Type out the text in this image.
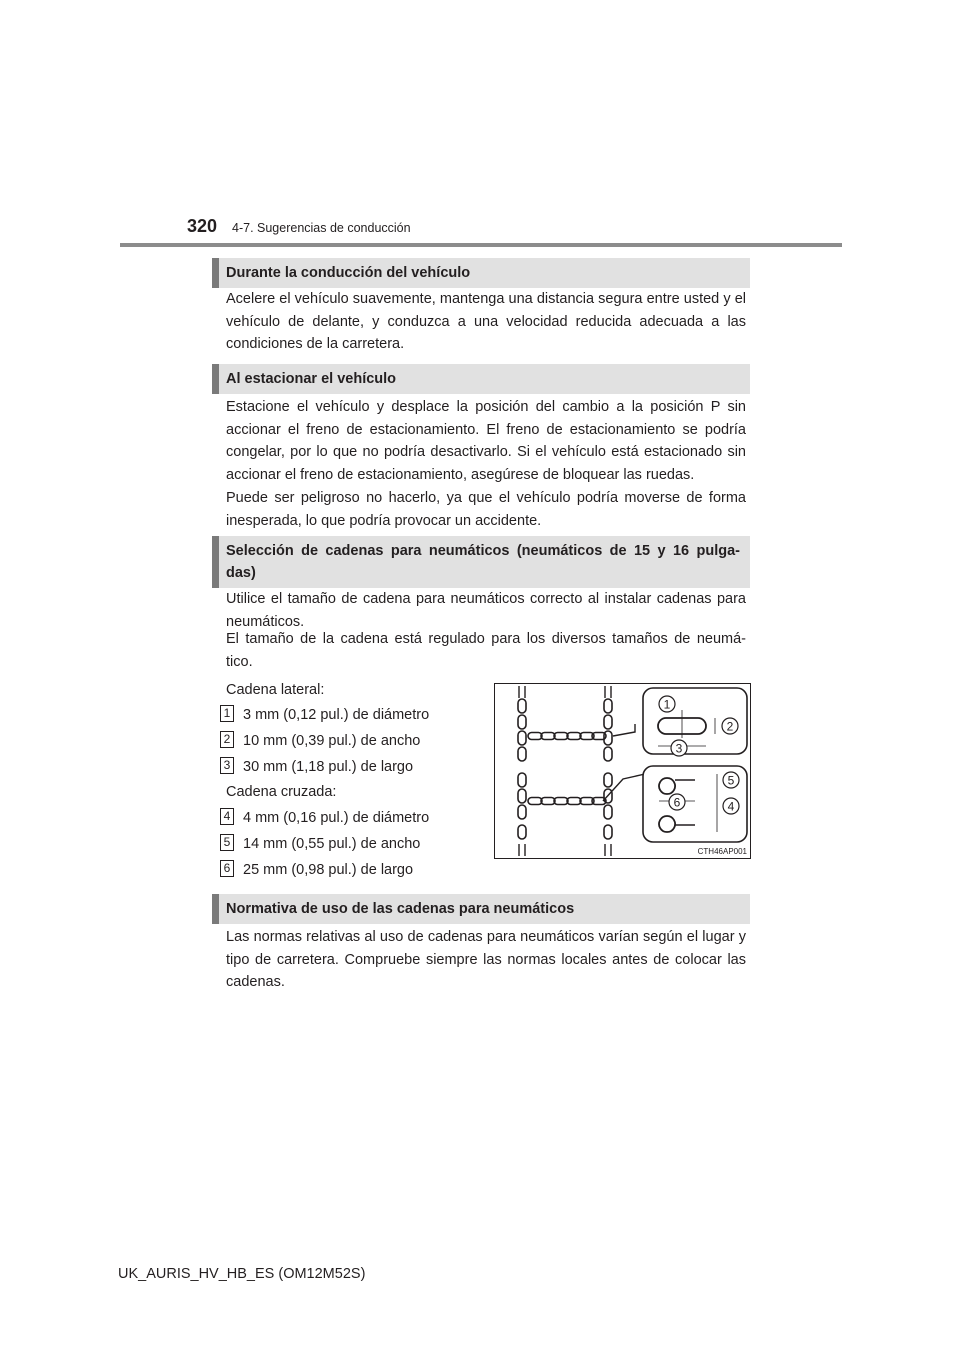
320 4-7. Sugerencias de conducción
Durante la conducción del vehículo
Acelere el vehículo suavemente, mantenga una distancia segura entre usted y el vehículo de delante, y conduzca a una velocidad reducida adecuada a las condiciones de la carretera.
Al estacionar el vehículo
Estacione el vehículo y desplace la posición del cambio a la posición P sin accionar el freno de estacionamiento. El freno de estacionamiento se podría congelar, por lo que no podría desactivarlo. Si el vehículo está estacionado sin accionar el freno de estacionamiento, asegúrese de bloquear las ruedas.
Puede ser peligroso no hacerlo, ya que el vehículo podría moverse de forma inesperada, lo que podría provocar un accidente.
Selección de cadenas para neumáticos (neumáticos de 15 y 16 pulga- das)
Utilice el tamaño de cadena para neumáticos correcto al instalar cadenas para neumáticos.
El tamaño de la cadena está regulado para los diversos tamaños de neumá- tico.
Cadena lateral:
1 3 mm (0,12 pul.) de diámetro
2 10 mm (0,39 pul.) de ancho
3 30 mm (1,18 pul.) de largo
Cadena cruzada:
4 4 mm (0,16 pul.) de diámetro
5 14 mm (0,55 pul.) de ancho
6 25 mm (0,98 pul.) de largo
1
2
3
5
6	4
CTH46AP001
Normativa de uso de las cadenas para neumáticos
Las normas relativas al uso de cadenas para neumáticos varían según el lugar y tipo de carretera. Compruebe siempre las normas locales antes de colocar las cadenas.
UK_AURIS_HV_HB_ES (OM12M52S)
